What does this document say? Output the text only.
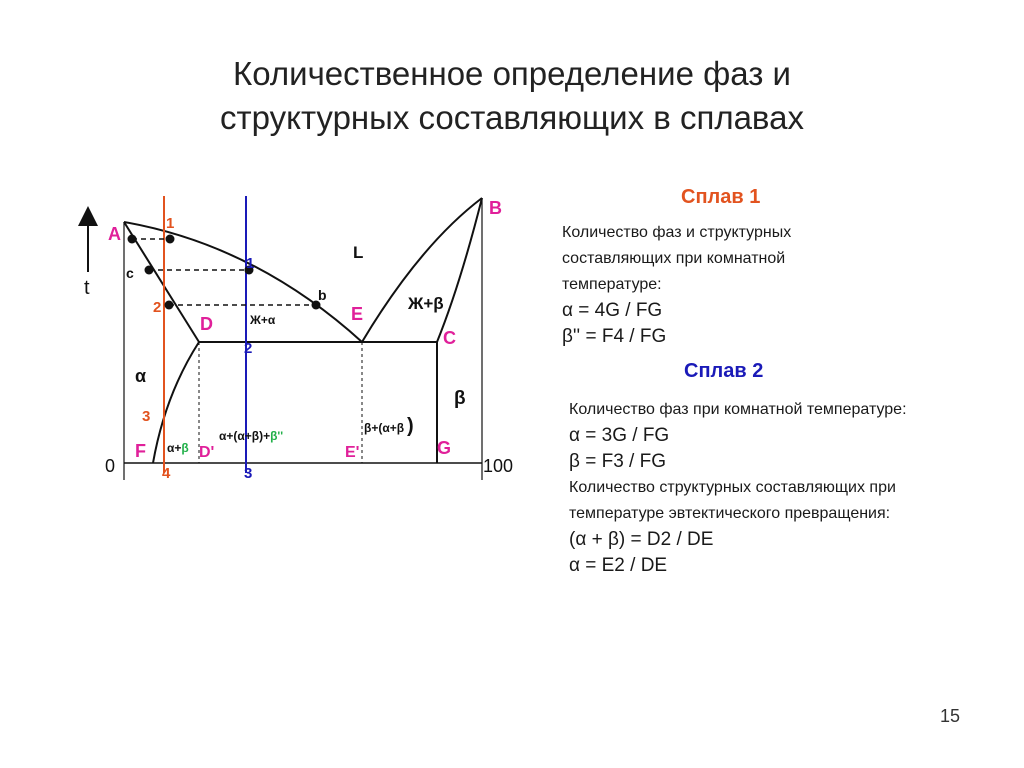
Количественное определение фаз и
структурных составляющих в сплавах
t
0	100
A
B
C
D	E
F	G
D'	E'
c
b
L
Ж+β
Ж+α
α
β
α+β
α+(α+β)+β''
β+(α+β )
1
2
3
4
1
2
3
Сплав 1
Количество фаз и структурных
составляющих при комнатной
температуре:
α = 4G / FG
β'' = F4 / FG
Сплав 2
Количество фаз при комнатной температуре:
α = 3G / FG
β = F3 / FG
Количество структурных составляющих при
температуре эвтектического превращения:
(α + β) = D2 / DE
α = E2 / DE
15
